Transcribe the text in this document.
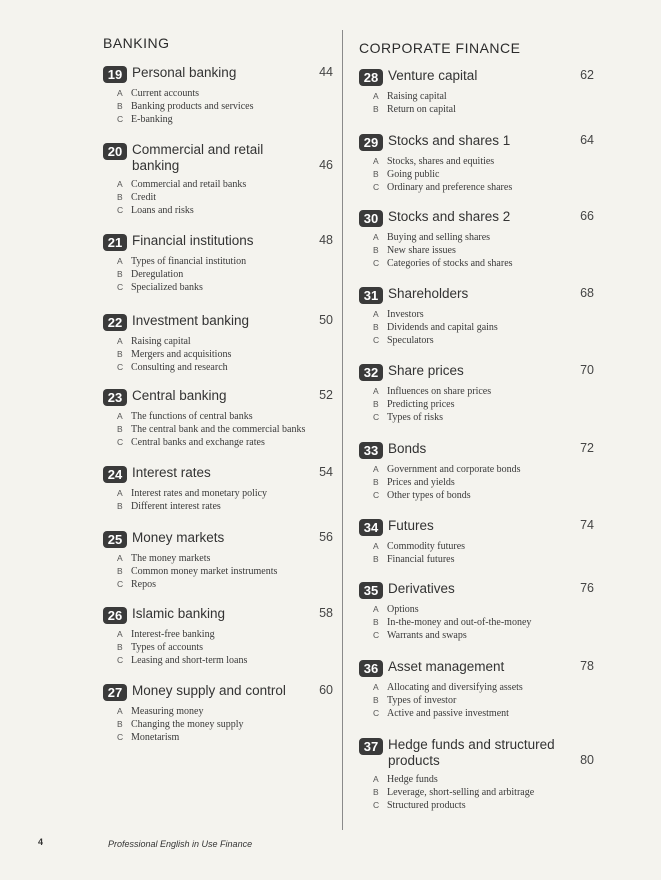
BANKING	CORPORATE FINANCE
19 Personal banking	44
A Current accounts
B Banking products and services
C E-banking
20 Commercial and retail
banking	46
A Commercial and retail banks
B Credit
C Loans and risks
21 Financial institutions	48
A Types of financial institution
B Deregulation
C Specialized banks
22 Investment banking	50
A Raising capital
B Mergers and acquisitions
C Consulting and research
23 Central banking	52
A The functions of central banks
B The central bank and the commercial banks
C Central banks and exchange rates
24 Interest rates	54
A Interest rates and monetary policy
B Different interest rates
25 Money markets	56
A The money markets
B Common money market instruments
C Repos
26 Islamic banking	58
A Interest-free banking
B Types of accounts
C Leasing and short-term loans
27 Money supply and control	60
A Measuring money
B Changing the money supply
C Monetarism
28 Venture capital	62
A Raising capital
B Return on capital
29 Stocks and shares 1	64
A Stocks, shares and equities
B Going public
C Ordinary and preference shares
30 Stocks and shares 2	66
A Buying and selling shares
B New share issues
C Categories of stocks and shares
31 Shareholders	68
A Investors
B Dividends and capital gains
C Speculators
32 Share prices	70
A Influences on share prices
B Predicting prices
C Types of risks
33 Bonds	72
A Government and corporate bonds
B Prices and yields
C Other types of bonds
34 Futures	74
A Commodity futures
B Financial futures
35 Derivatives	76
A Options
B In-the-money and out-of-the-money
C Warrants and swaps
36 Asset management	78
A Allocating and diversifying assets
B Types of investor
C Active and passive investment
37 Hedge funds and structured
products	80
A Hedge funds
B Leverage, short-selling and arbitrage
C Structured products
4	Professional English in Use Finance
